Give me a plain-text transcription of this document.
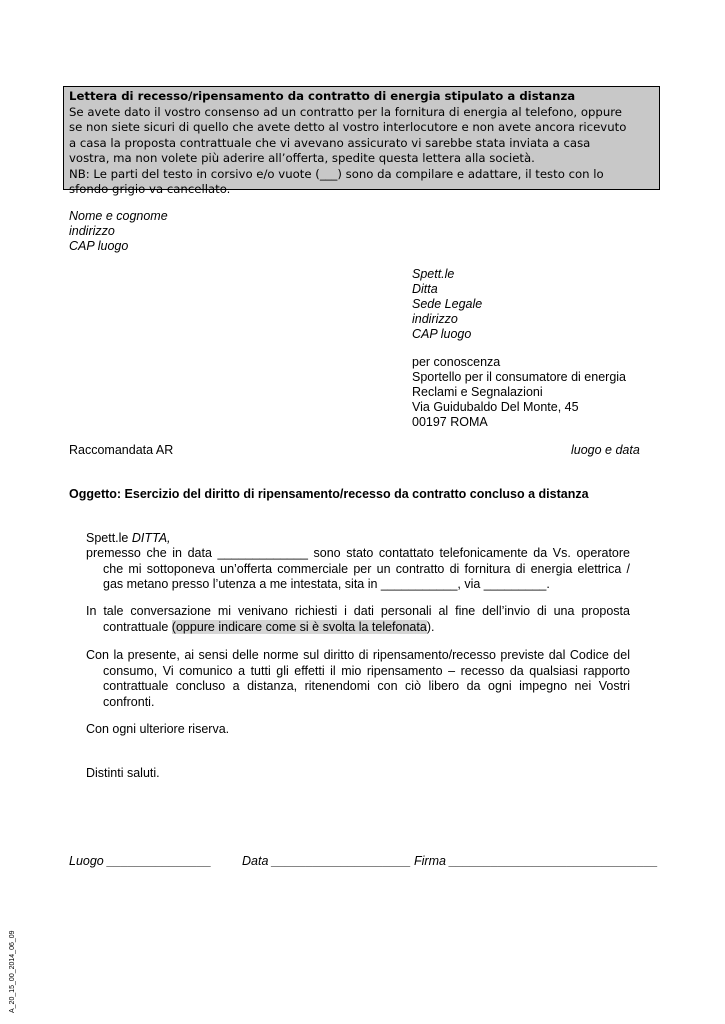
Lettera di recesso/ripensamento da contratto di energia stipulato a distanza
Se avete dato il vostro consenso ad un contratto per la fornitura di energia al telefono, oppure
se non siete sicuri di quello che avete detto al vostro interlocutore e non avete ancora ricevuto
a casa la proposta contrattuale che vi avevano assicurato vi sarebbe stata inviata a casa
vostra, ma non volete più aderire all’offerta, spedite questa lettera alla società.
NB: Le parti del testo in corsivo e/o vuote (___) sono da compilare e adattare, il testo con lo
sfondo grigio va cancellato.
Nome e cognome
indirizzo
CAP luogo
Spett.le
Ditta
Sede Legale
indirizzo
CAP luogo
per conoscenza
Sportello per il consumatore di energia
Reclami e Segnalazioni
Via Guidubaldo Del Monte, 45
00197 ROMA
Raccomandata AR	luogo e data
Oggetto: Esercizio del diritto di ripensamento/recesso da contratto concluso a distanza
Spett.le DITTA,
premesso che in data _____________ sono stato contattato telefonicamente da Vs. operatore che mi sottoponeva un’offerta commerciale per un contratto di fornitura di energia elettrica / gas metano presso l’utenza a me intestata, sita in ___________, via _________.
In tale conversazione mi venivano richiesti i dati personali al fine dell’invio di una proposta contrattuale (oppure indicare come si è svolta la telefonata).
Con la presente, ai sensi delle norme sul diritto di ripensamento/recesso previste dal Codice del consumo, Vi comunico a tutti gli effetti il mio ripensamento – recesso da qualsiasi rapporto contrattuale concluso a distanza, ritenendomi con ciò libero da ogni impegno nei Vostri confronti.
Con ogni ulteriore riserva.
Distinti saluti.
Luogo _______________ Data ____________________ Firma ______________________________
A_20_15_00_2014_06_09
